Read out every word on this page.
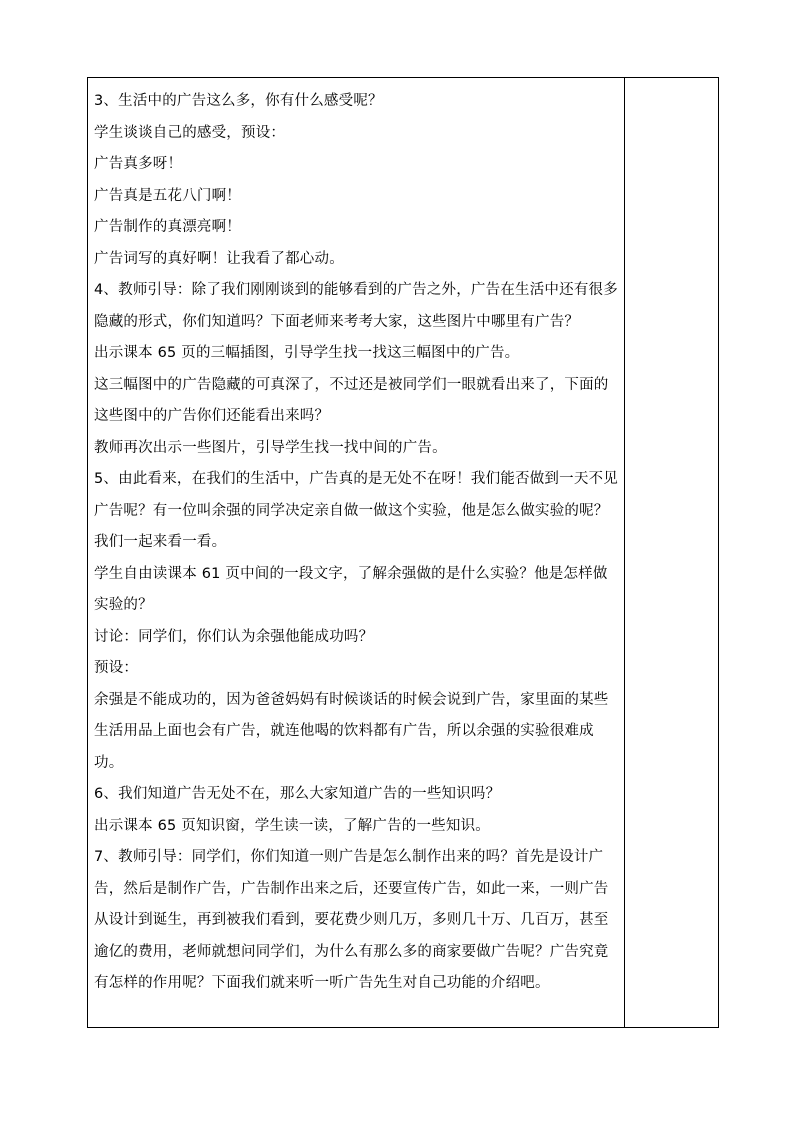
3、生活中的广告这么多，你有什么感受呢？

学生谈谈自己的感受，预设：

广告真多呀！

广告真是五花八门啊！

广告制作的真漂亮啊！

广告词写的真好啊！让我看了都心动。

4、教师引导：除了我们刚刚谈到的能够看到的广告之外，广告在生活中还有很多隐藏的形式，你们知道吗？下面老师来考考大家，这些图片中哪里有广告？

出示课本 65 页的三幅插图，引导学生找一找这三幅图中的广告。

这三幅图中的广告隐藏的可真深了，不过还是被同学们一眼就看出来了，下面的这些图中的广告你们还能看出来吗？

教师再次出示一些图片，引导学生找一找中间的广告。

5、由此看来，在我们的生活中，广告真的是无处不在呀！我们能否做到一天不见广告呢？有一位叫余强的同学决定亲自做一做这个实验，他是怎么做实验的呢？我们一起来看一看。

学生自由读课本 61 页中间的一段文字，了解余强做的是什么实验？他是怎样做实验的？

讨论：同学们，你们认为余强他能成功吗？

预设：

余强是不能成功的，因为爸爸妈妈有时候谈话的时候会说到广告，家里面的某些生活用品上面也会有广告，就连他喝的饮料都有广告，所以余强的实验很难成功。

6、我们知道广告无处不在，那么大家知道广告的一些知识吗？

出示课本 65 页知识窗，学生读一读，了解广告的一些知识。

7、教师引导：同学们，你们知道一则广告是怎么制作出来的吗？首先是设计广告，然后是制作广告，广告制作出来之后，还要宣传广告，如此一来，一则广告从设计到诞生，再到被我们看到，要花费少则几万，多则几十万、几百万，甚至逾亿的费用，老师就想问同学们，为什么有那么多的商家要做广告呢？广告究竟有怎样的作用呢？下面我们就来听一听广告先生对自己功能的介绍吧。
